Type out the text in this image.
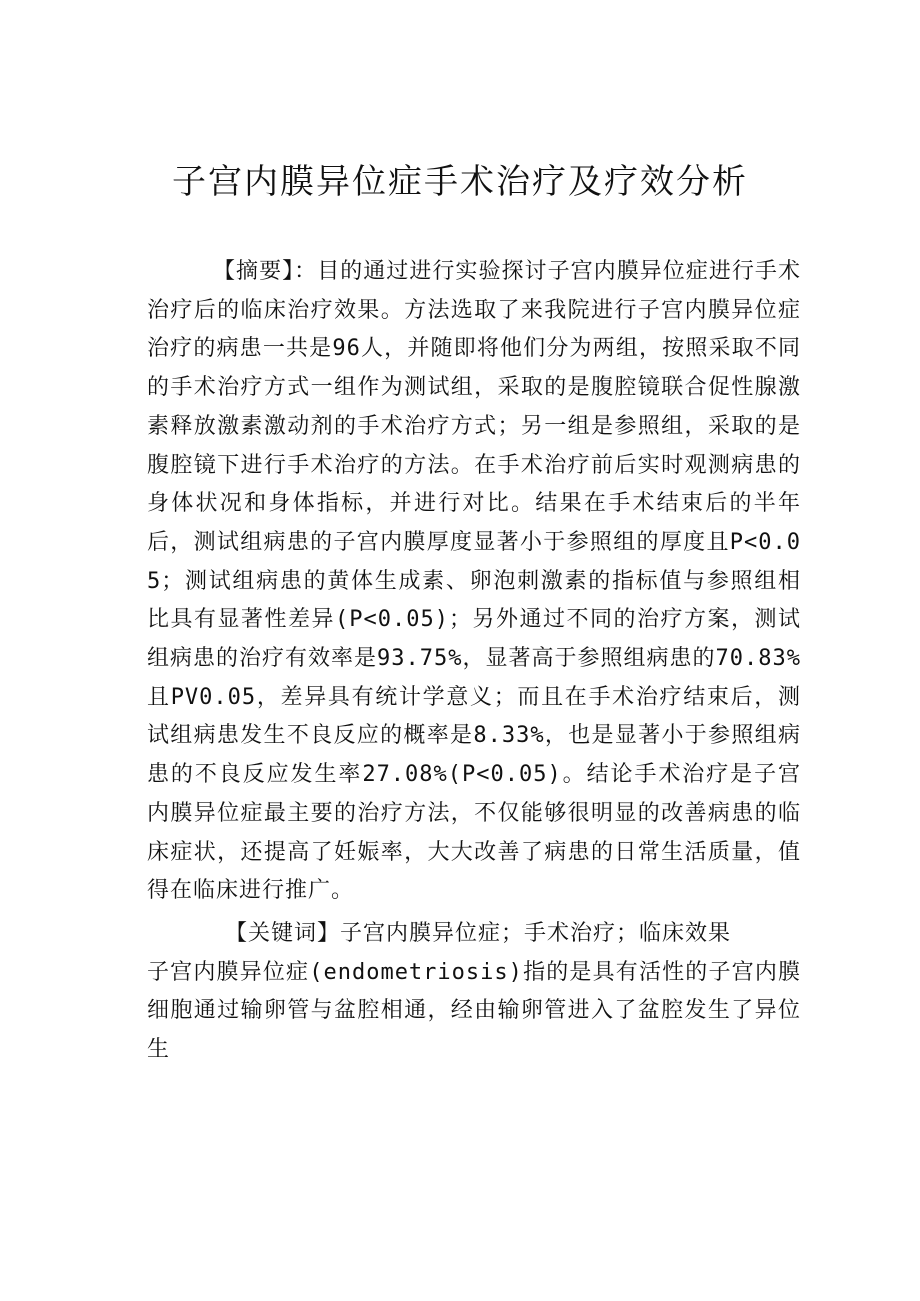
子宫内膜异位症手术治疗及疗效分析

【摘要】：目的通过进行实验探讨子宫内膜异位症进行手术治疗后的临床治疗效果。方法选取了来我院进行子宫内膜异位症治疗的病患一共是96人，并随即将他们分为两组，按照采取不同的手术治疗方式一组作为测试组，采取的是腹腔镜联合促性腺激素释放激素激动剂的手术治疗方式；另一组是参照组，采取的是腹腔镜下进行手术治疗的方法。在手术治疗前后实时观测病患的身体状况和身体指标，并进行对比。结果在手术结束后的半年后，测试组病患的子宫内膜厚度显著小于参照组的厚度且P<0.05；测试组病患的黄体生成素、卵泡刺激素的指标值与参照组相比具有显著性差异(P<0.05)；另外通过不同的治疗方案，测试组病患的治疗有效率是93.75%，显著高于参照组病患的70.83%且PV0.05，差异具有统计学意义；而且在手术治疗结束后，测试组病患发生不良反应的概率是8.33%，也是显著小于参照组病患的不良反应发生率27.08%(P<0.05)。结论手术治疗是子宫内膜异位症最主要的治疗方法，不仅能够很明显的改善病患的临床症状，还提高了妊娠率，大大改善了病患的日常生活质量，值得在临床进行推广。

【关键词】子宫内膜异位症；手术治疗；临床效果

子宫内膜异位症(endometriosis)指的是具有活性的子宫内膜细胞通过输卵管与盆腔相通，经由输卵管进入了盆腔发生了异位生
